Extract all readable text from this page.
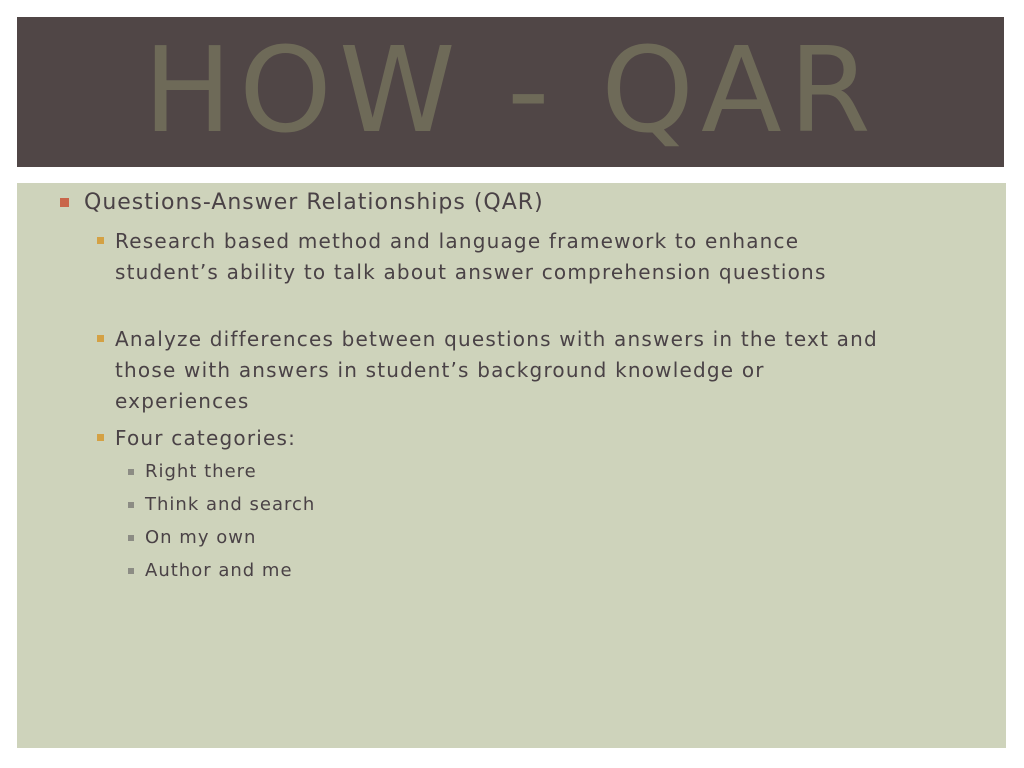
HOW - QAR
Questions-Answer Relationships (QAR)
Research based method and language framework to enhance student’s ability to talk about answer comprehension questions
Analyze differences between questions with answers in the text and those with answers in student’s background knowledge or experiences
Four categories:
Right there
Think and search
On my own
Author and me
